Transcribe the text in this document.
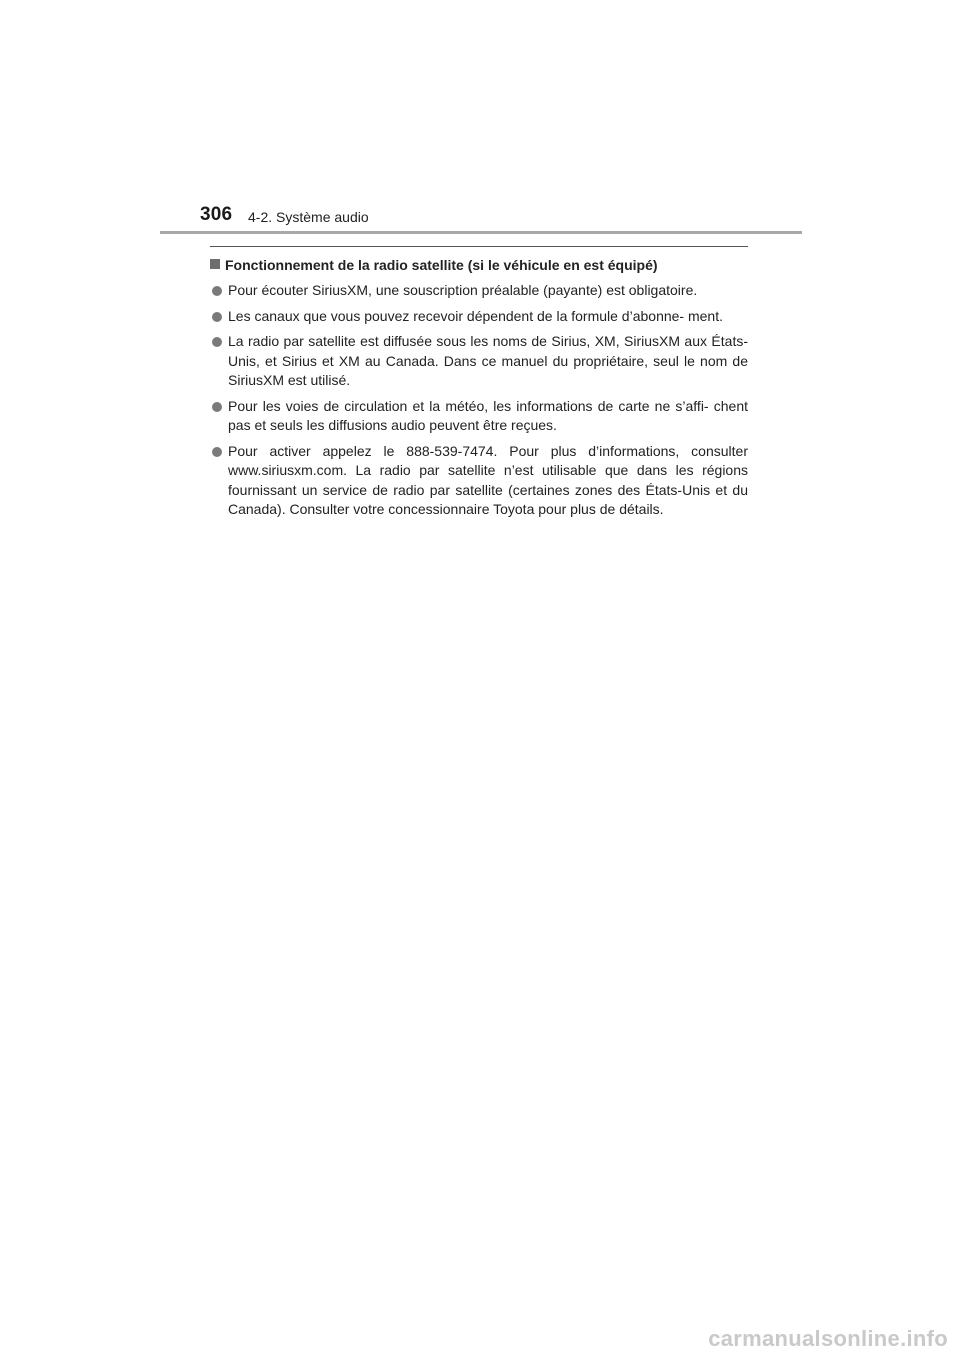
306 4-2. Système audio
Fonctionnement de la radio satellite (si le véhicule en est équipé)
Pour écouter SiriusXM, une souscription préalable (payante) est obligatoire.
Les canaux que vous pouvez recevoir dépendent de la formule d’abonne- ment.
La radio par satellite est diffusée sous les noms de Sirius, XM, SiriusXM aux États-Unis, et Sirius et XM au Canada. Dans ce manuel du propriétaire, seul le nom de SiriusXM est utilisé.
Pour les voies de circulation et la météo, les informations de carte ne s’affi- chent pas et seuls les diffusions audio peuvent être reçues.
Pour activer appelez le 888-539-7474. Pour plus d’informations, consulter www.siriusxm.com. La radio par satellite n’est utilisable que dans les régions fournissant un service de radio par satellite (certaines zones des États-Unis et du Canada). Consulter votre concessionnaire Toyota pour plus de détails.
carmanualsonline.info
